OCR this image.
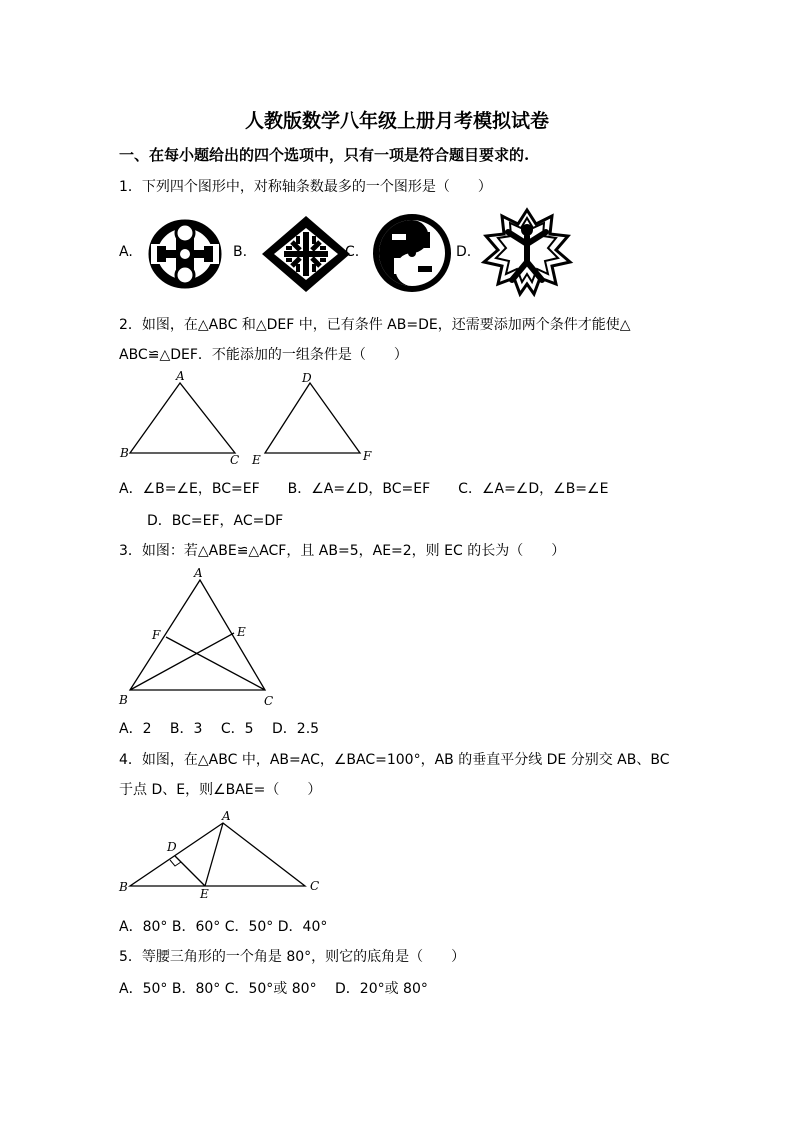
人教版数学八年级上册月考模拟试卷
一、在每小题给出的四个选项中，只有一项是符合题目要求的.
1．下列四个图形中，对称轴条数最多的一个图形是（　　）
A.	B.	C.	D.
2．如图，在△ABC 和△DEF 中，已有条件 AB=DE，还需要添加两个条件才能使△
ABC≌△DEF．不能添加的一组条件是（　　）
A
B	C
D
E	F
A．∠B=∠E，BC=EF　　B．∠A=∠D，BC=EF　　C．∠A=∠D，∠B=∠E
D．BC=EF，AC=DF
3．如图：若△ABE≌△ACF，且 AB=5，AE=2，则 EC 的长为（　　）
A
B	C
E
F
A．2　 B．3　 C．5　 D．2.5
4．如图，在△ABC 中，AB=AC，∠BAC=100°，AB 的垂直平分线 DE 分别交 AB、BC
于点 D、E，则∠BAE=（　　）
A
B	C
D
E
A．80° B．60° C．50° D．40°
5．等腰三角形的一个角是 80°，则它的底角是（　　）
A．50° B．80° C．50°或 80°　 D．20°或 80°
